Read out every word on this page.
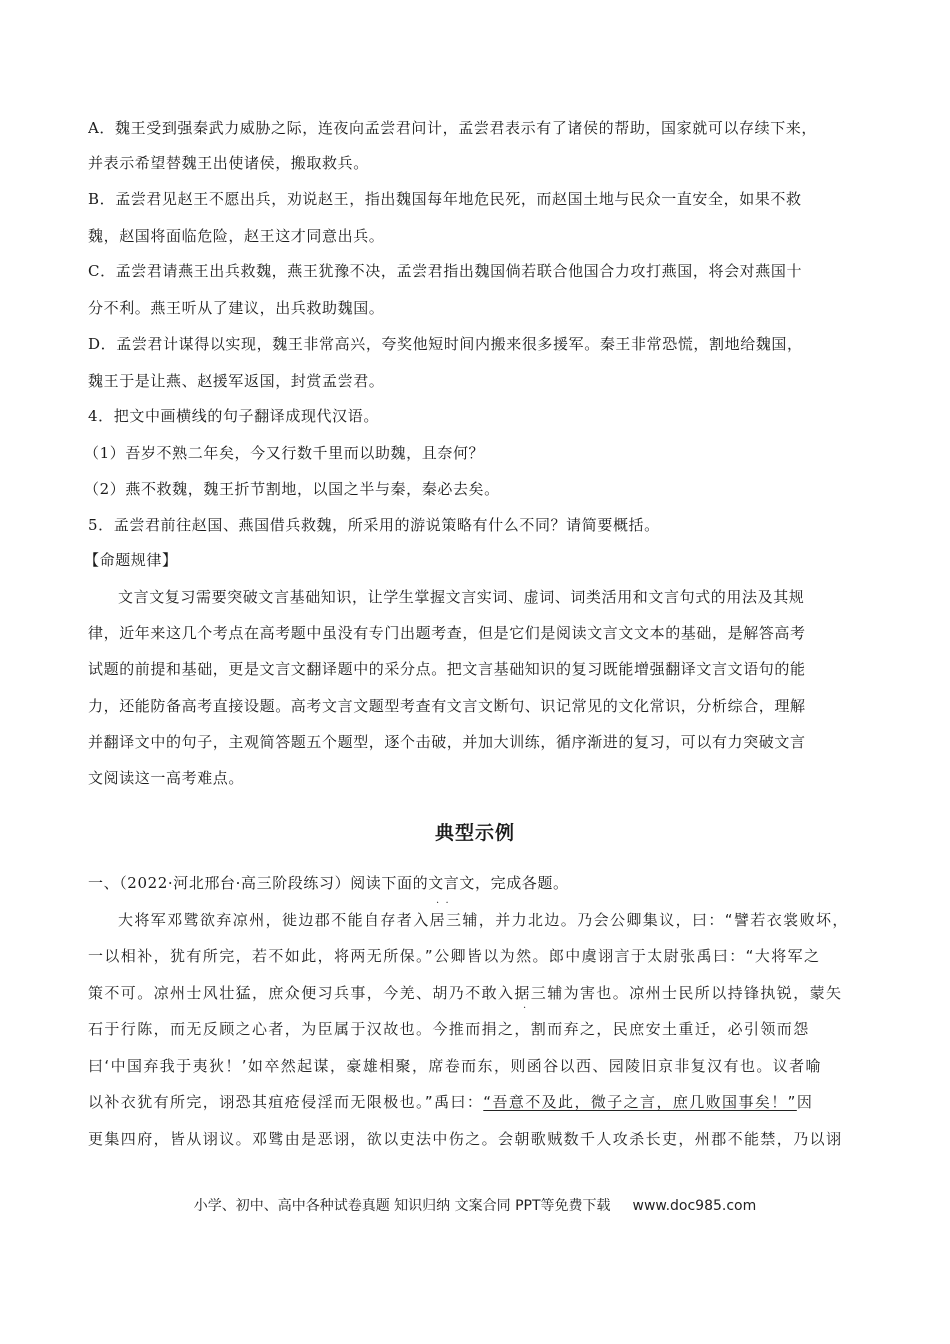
A．魏王受到强秦武力威胁之际，连夜向孟尝君问计，孟尝君表示有了诸侯的帮助，国家就可以存续下来，
并表示希望替魏王出使诸侯，搬取救兵。
B．孟尝君见赵王不愿出兵，劝说赵王，指出魏国每年地危民死，而赵国土地与民众一直安全，如果不救
魏，赵国将面临危险，赵王这才同意出兵。
C．孟尝君请燕王出兵救魏，燕王犹豫不决，孟尝君指出魏国倘若联合他国合力攻打燕国，将会对燕国十
分不利。燕王听从了建议，出兵救助魏国。
D．孟尝君计谋得以实现，魏王非常高兴，夸奖他短时间内搬来很多援军。秦王非常恐慌，割地给魏国，
魏王于是让燕、赵援军返国，封赏孟尝君。
4．把文中画横线的句子翻译成现代汉语。
（1）吾岁不熟二年矣，今又行数千里而以助魏，且奈何？
（2）燕不救魏，魏王折节割地，以国之半与秦，秦必去矣。
5．孟尝君前往赵国、燕国借兵救魏，所采用的游说策略有什么不同？请简要概括。
【命题规律】
文言文复习需要突破文言基础知识，让学生掌握文言实词、虚词、词类活用和文言句式的用法及其规
律，近年来这几个考点在高考题中虽没有专门出题考查，但是它们是阅读文言文文本的基础，是解答高考
试题的前提和基础，更是文言文翻译题中的采分点。把文言基础知识的复习既能增强翻译文言文语句的能
力，还能防备高考直接设题。高考文言文题型考查有文言文断句、识记常见的文化常识，分析综合，理解
并翻译文中的句子，主观简答题五个题型，逐个击破，并加大训练，循序渐进的复习，可以有力突破文言
文阅读这一高考难点。
典型示例
一、（2022·河北邢台·高三阶段练习）阅读下面的文言文，完成各题。
·  ·
·
大将军邓骘欲弃凉州，徙边郡不能自存者入居三辅，并力北边。乃会公卿集议，曰：“譬若衣裳败坏，
一以相补，犹有所完，若不如此，将两无所保。”公卿皆以为然。郎中虞诩言于太尉张禹曰：“大将军之
策不可。凉州士风壮猛，庶众便习兵事，今羌、胡乃不敢入据三辅为害也。凉州士民所以持锋执锐，蒙矢
石于行陈，而无反顾之心者，为臣属于汉故也。今推而捐之，割而弃之，民庶安土重迁，必引领而怨
曰‘中国弃我于夷狄！’如卒然起谋，豪雄相聚，席卷而东，则函谷以西、园陵旧京非复汉有也。议者喻
以补衣犹有所完，诩恐其疽疮侵淫而无限极也。”禹曰：“吾意不及此，微子之言，庶几败国事矣！”因
更集四府，皆从诩议。邓骘由是恶诩，欲以吏法中伤之。会朝歌贼数千人攻杀长吏，州郡不能禁，乃以诩
小学、初中、高中各种试卷真题 知识归纳 文案合同 PPT等免费下载 www.doc985.com
